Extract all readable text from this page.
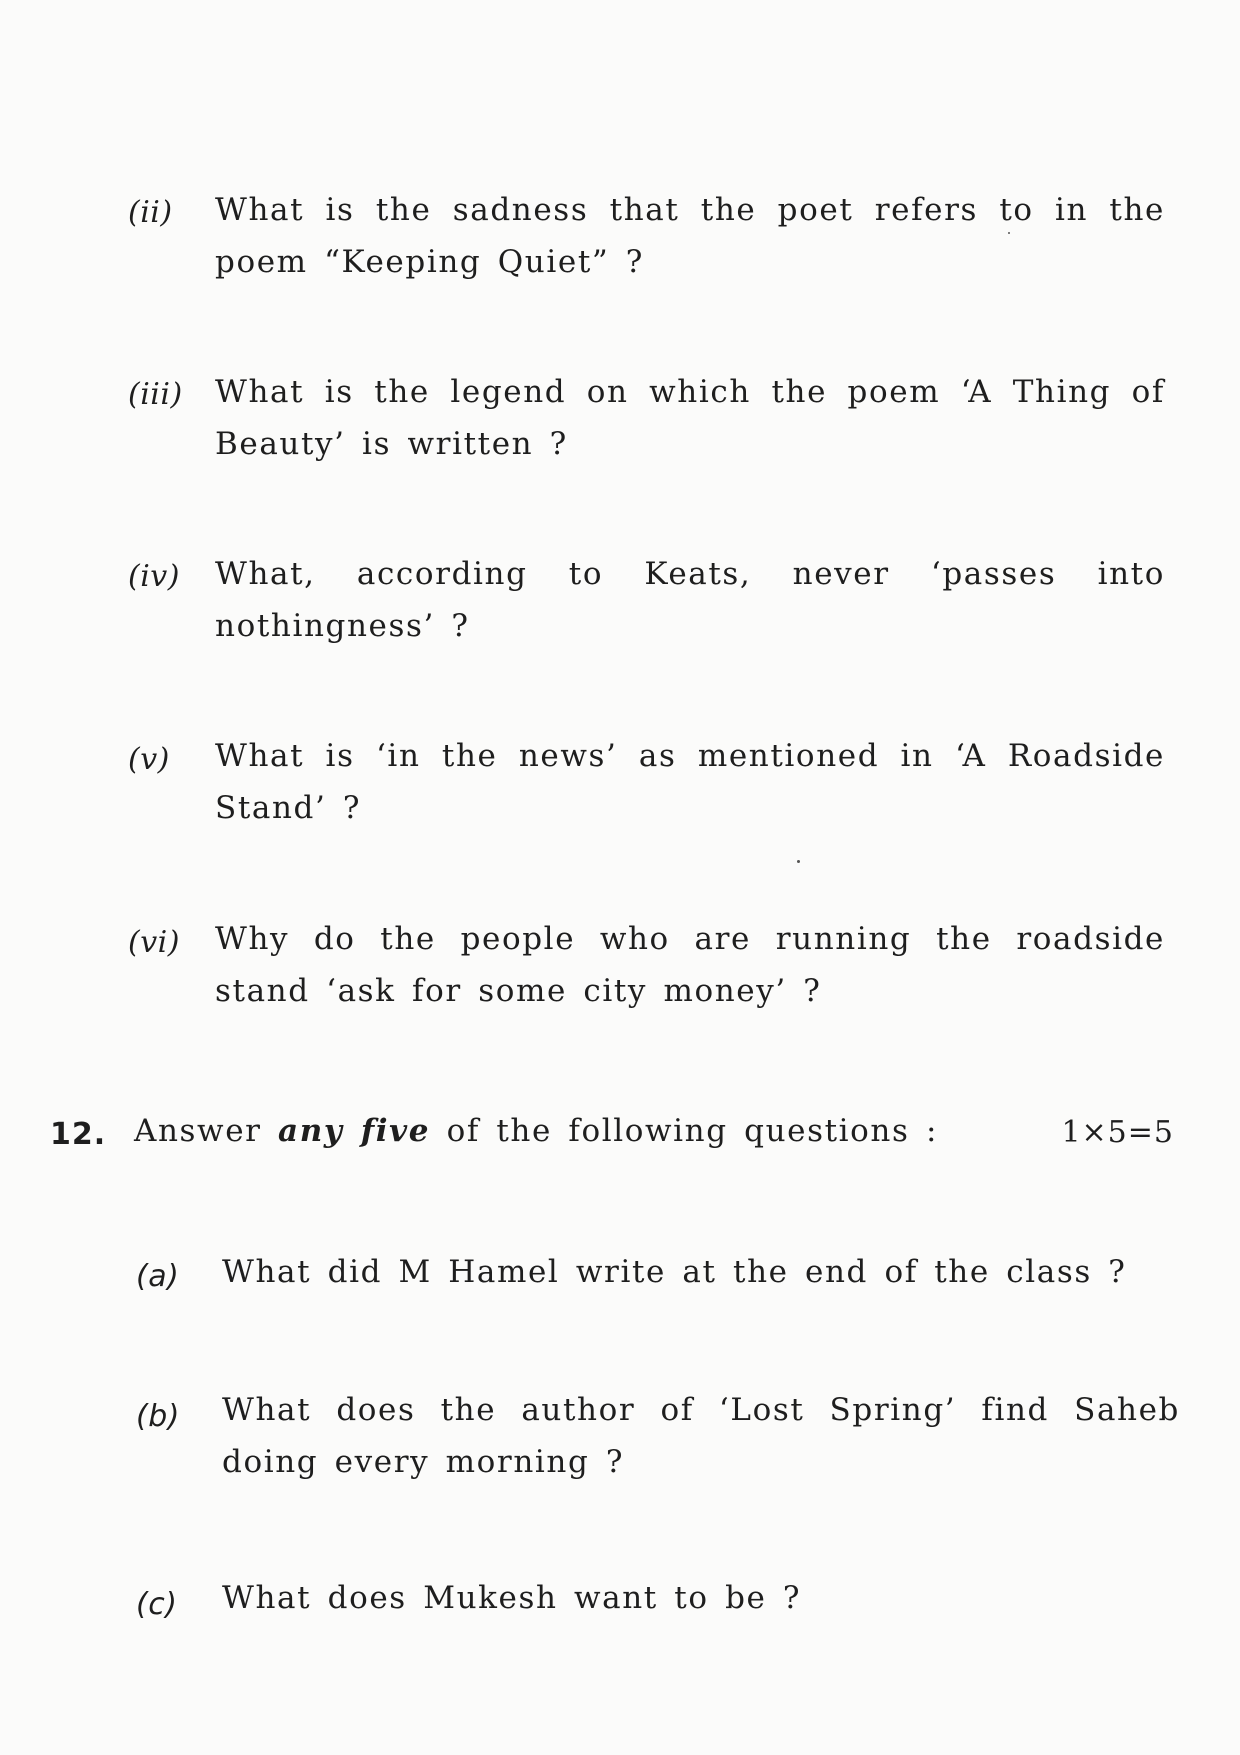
(ii) What is the sadness that the poet refers to in the poem “Keeping Quiet” ?
(iii) What is the legend on which the poem ‘A Thing of Beauty’ is written ?
(iv) What, according to Keats, never ‘passes into nothingness’ ?
(v) What is ‘in the news’ as mentioned in ‘A Roadside Stand’ ?
(vi) Why do the people who are running the roadside stand ‘ask for some city money’ ?
12. Answer any five of the following questions :	1×5=5
(a) What did M Hamel write at the end of the class ?
(b) What does the author of ‘Lost Spring’ find Saheb doing every morning ?
(c) What does Mukesh want to be ?
